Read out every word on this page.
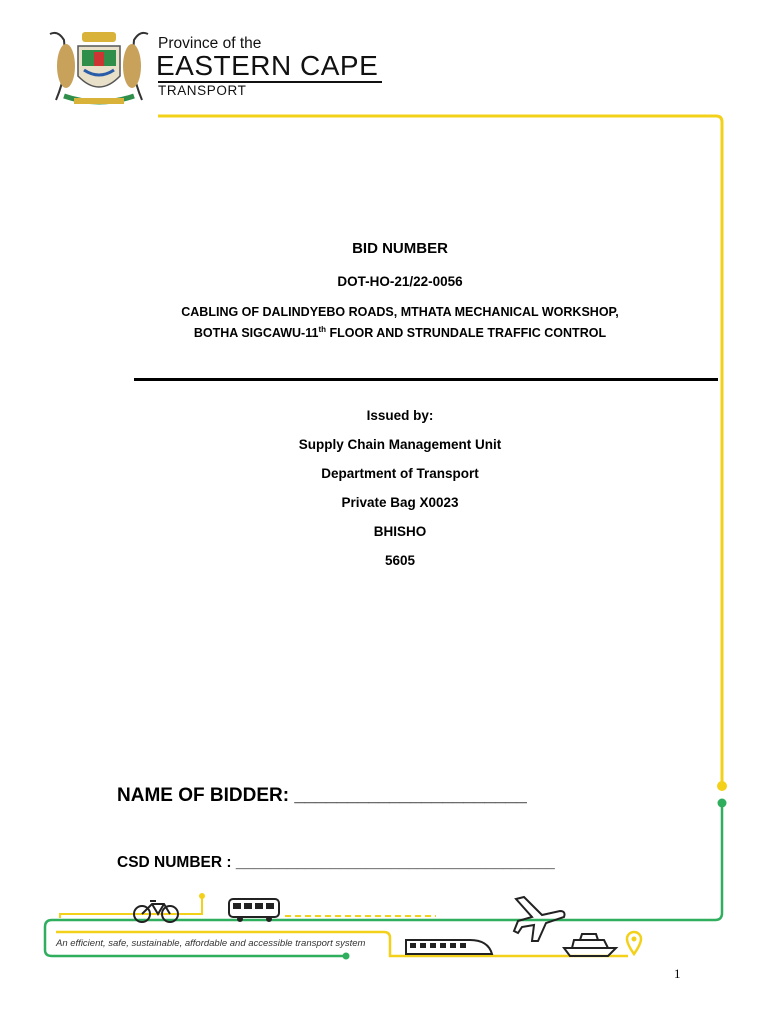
Province of the
EASTERN CAPE
TRANSPORT
BID NUMBER
DOT-HO-21/22-0056
CABLING OF DALINDYEBO ROADS, MTHATA MECHANICAL WORKSHOP,
BOTHA SIGCAWU-11th FLOOR AND STRUNDALE TRAFFIC CONTROL
Issued by:
Supply Chain Management Unit
Department of Transport
Private Bag X0023
BHISHO
5605
NAME OF BIDDER: ______________________
CSD NUMBER : _____________________________________
An efficient, safe, sustainable, affordable and accessible transport system
1
